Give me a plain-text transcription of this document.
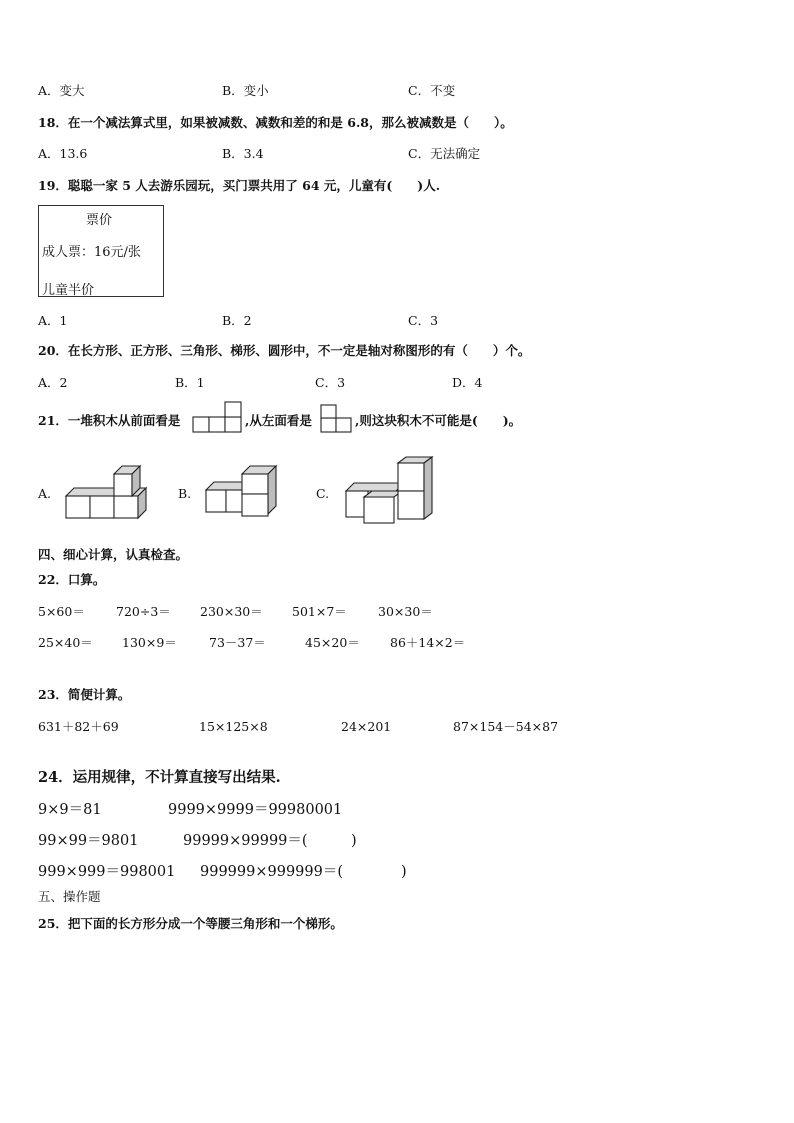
A．变大	B．变小	C．不变
18．在一个减法算式里，如果被减数、减数和差的和是 6.8，那么被减数是（　　）。
A．13.6	B．3.4	C．无法确定
19．聪聪一家 5 人去游乐园玩，买门票共用了 64 元，儿童有(　　)人.
票价
成人票：16元/张
儿童半价
A．1	B．2	C．3
20．在长方形、正方形、三角形、梯形、圆形中，不一定是轴对称图形的有（　　）个。
A．2	B．1	C．3	D．4
21．一堆积木从前面看是	,从左面看是	,则这块积木不可能是(　　)。
A.	B.	C.
四、细心计算，认真检查。
22．口算。
5×60＝ 720÷3＝ 230×30＝ 501×7＝ 30×30＝
25×40＝ 130×9＝	73－37＝	45×20＝ 86＋14×2＝
23．简便计算。
631＋82＋69	15×125×8	24×201	87×154－54×87
24．运用规律，不计算直接写出结果.
9×9＝81	9999×9999＝99980001
99×99＝9801	99999×99999＝(　　　)
999×999＝998001 999999×999999＝(　　　　)
五、操作题
25．把下面的长方形分成一个等腰三角形和一个梯形。
